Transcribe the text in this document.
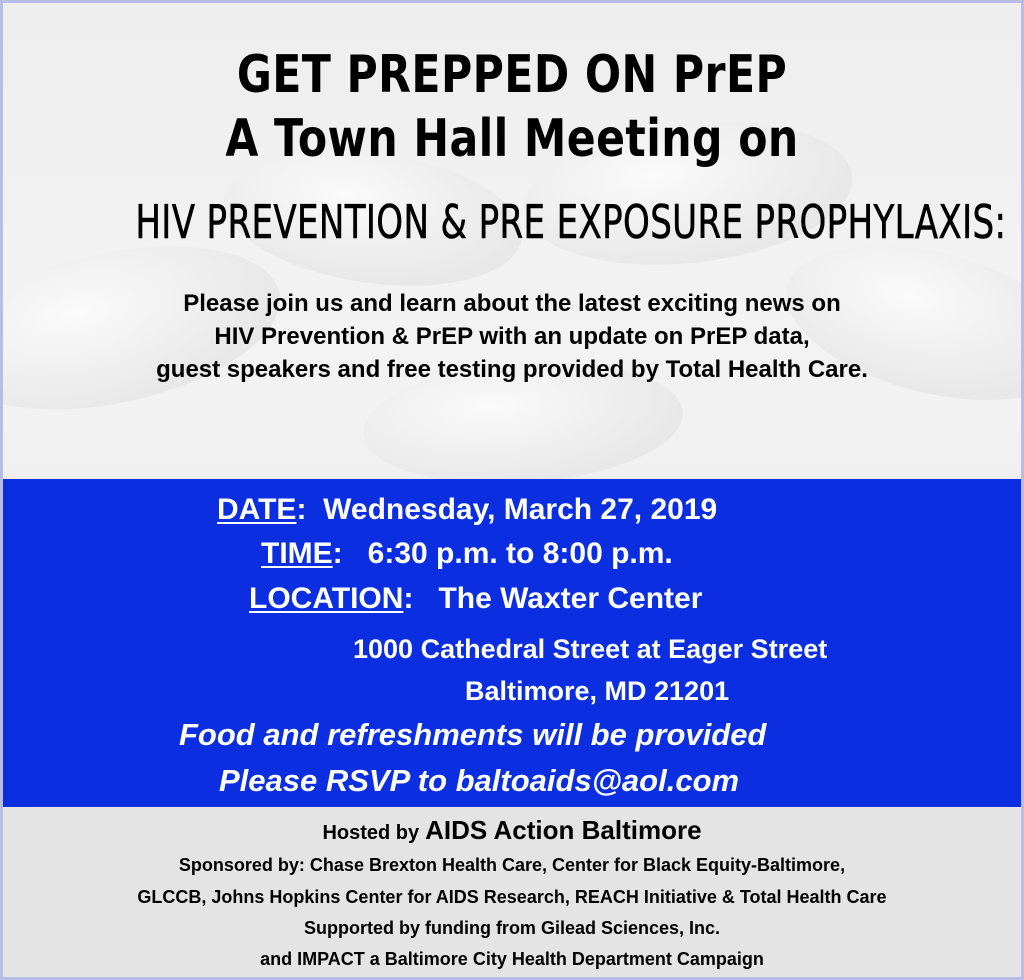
GET PREPPED ON PrEP
A Town Hall Meeting on
HIV PREVENTION & PRE EXPOSURE PROPHYLAXIS:
Please join us and learn about the latest exciting news on
HIV Prevention & PrEP with an update on PrEP data,
guest speakers and free testing provided by Total Health Care.
DATE:  Wednesday, March 27, 2019
TIME:   6:30 p.m. to 8:00 p.m.
LOCATION:   The Waxter Center
1000 Cathedral Street at Eager Street
Baltimore, MD 21201
Food and refreshments will be provided
Please RSVP to baltoaids@aol.com
Hosted by AIDS Action Baltimore
Sponsored by: Chase Brexton Health Care, Center for Black Equity-Baltimore,
GLCCB, Johns Hopkins Center for AIDS Research, REACH Initiative & Total Health Care
Supported by funding from Gilead Sciences, Inc.
and IMPACT a Baltimore City Health Department Campaign
